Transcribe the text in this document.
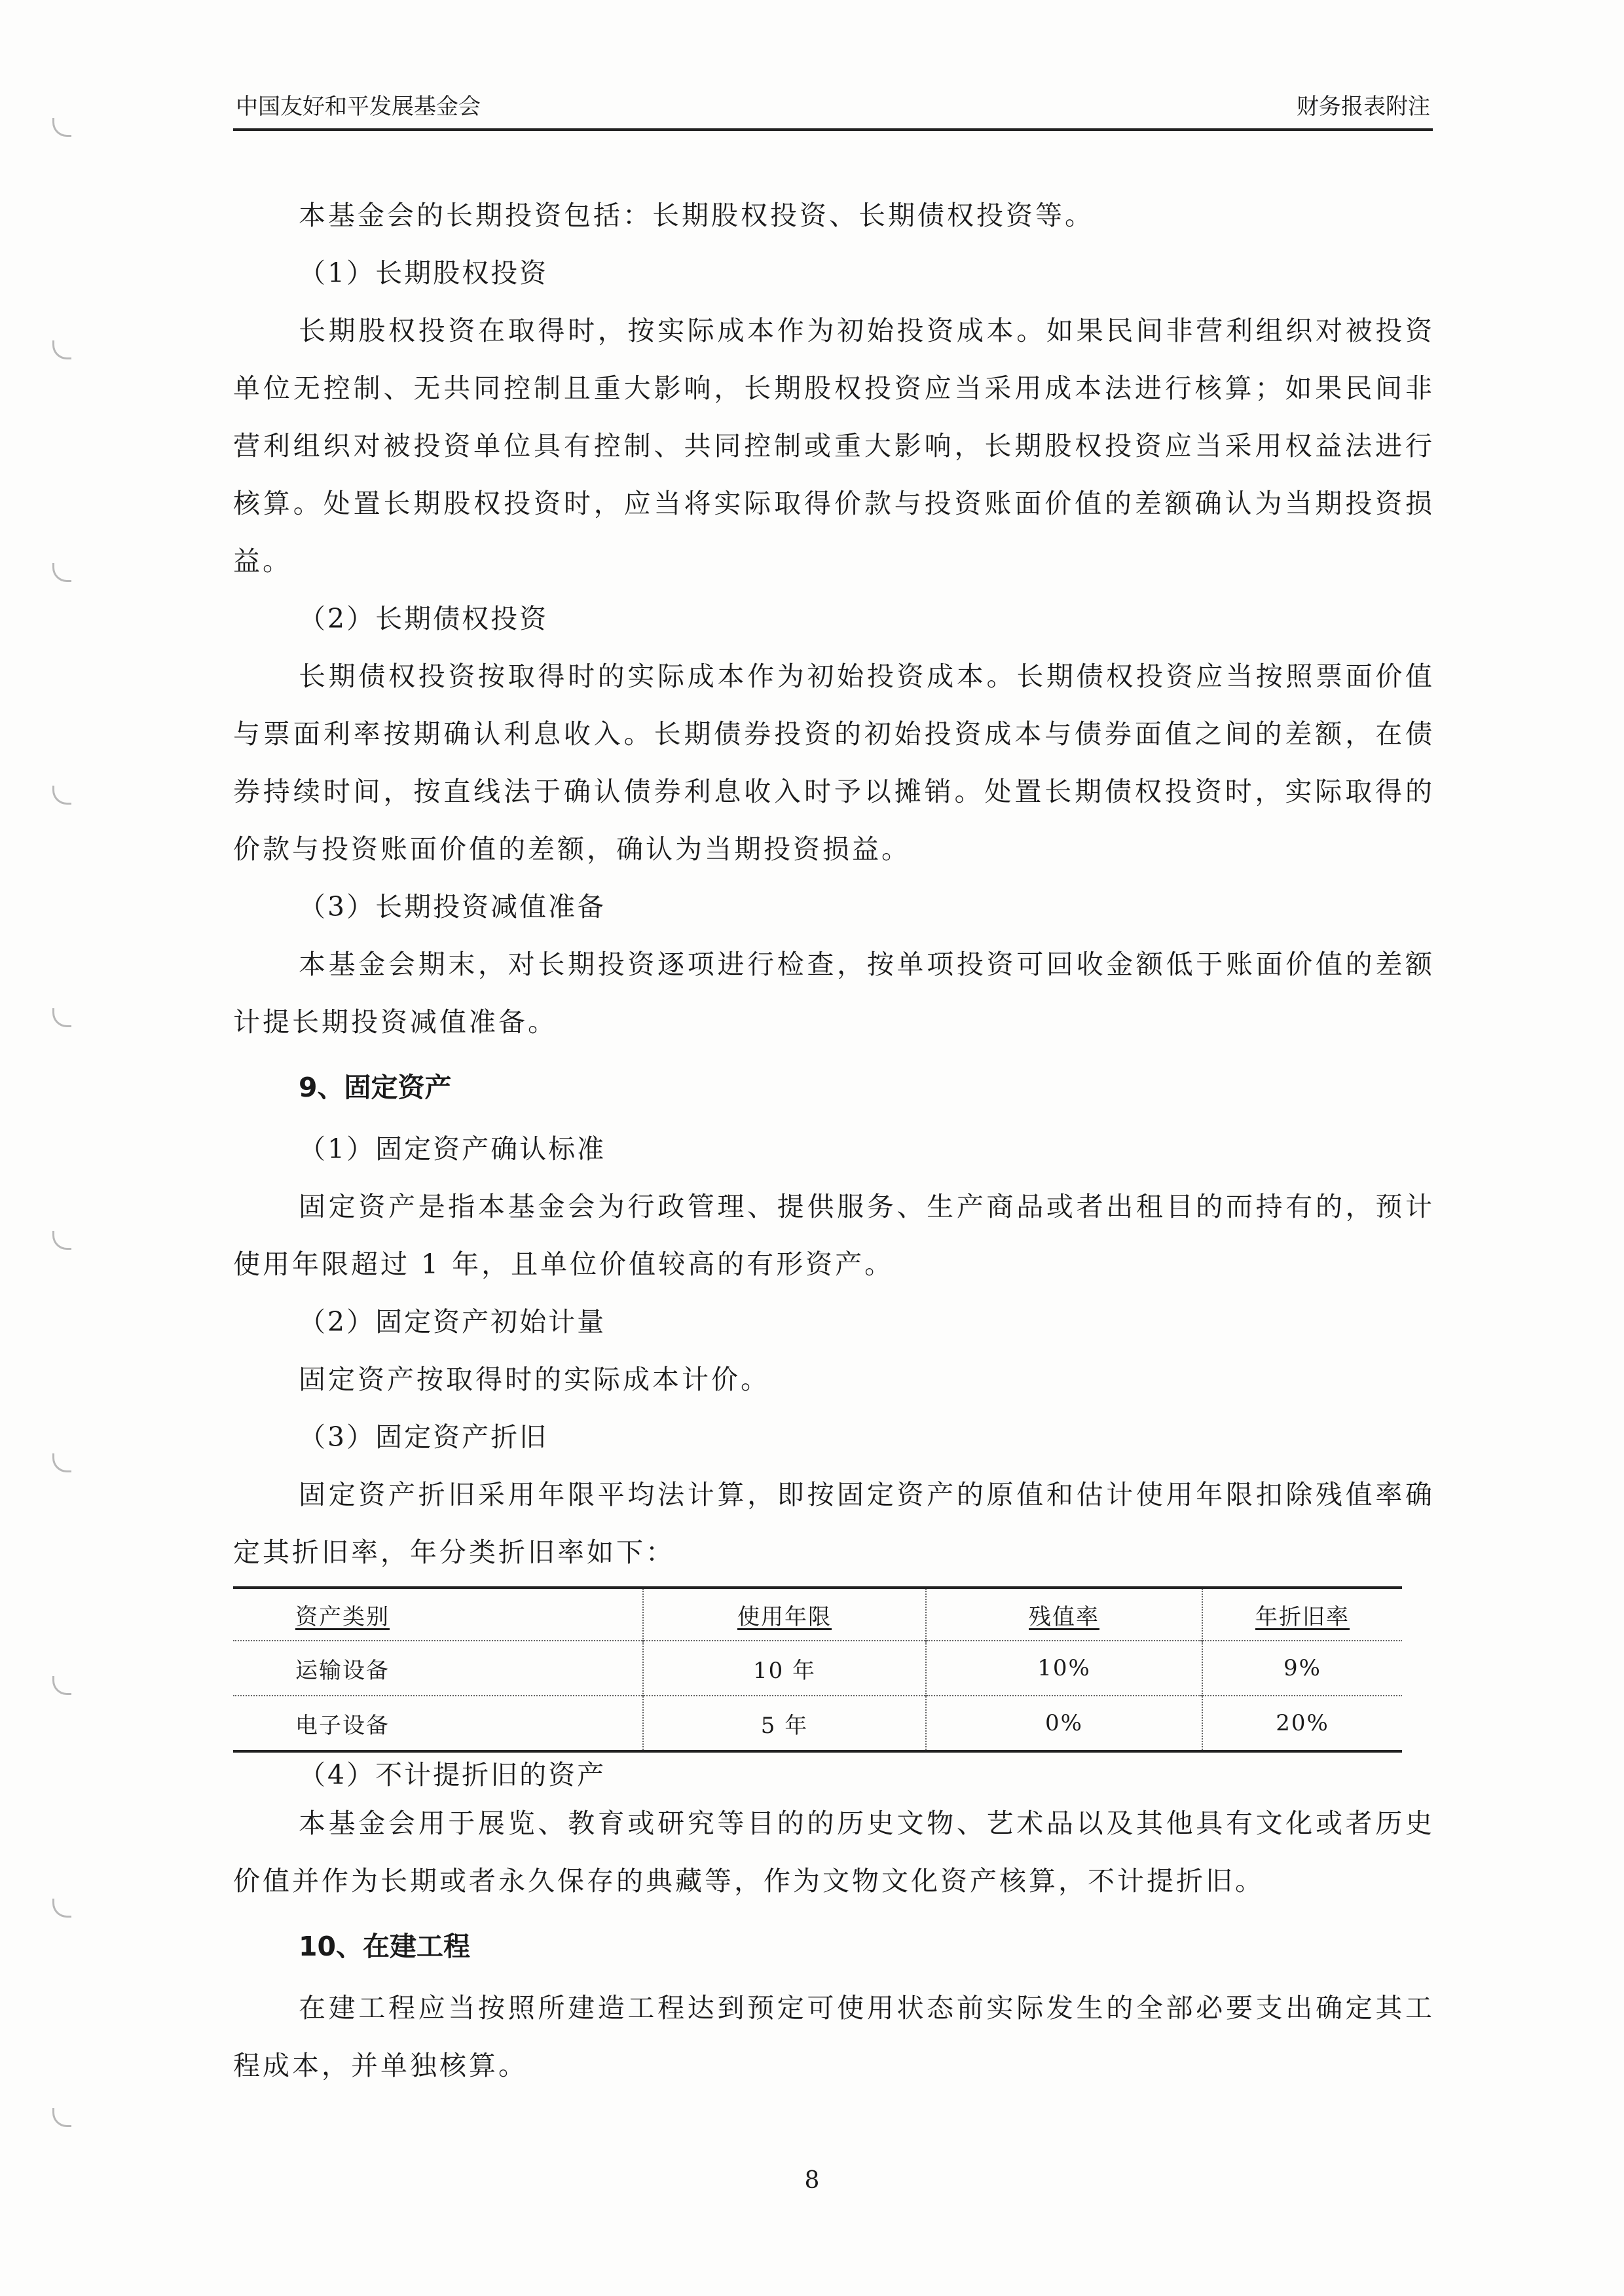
中国友好和平发展基金会	财务报表附注

本基金会的长期投资包括：长期股权投资、长期债权投资等。

（1）长期股权投资

长期股权投资在取得时，按实际成本作为初始投资成本。如果民间非营利组织对被投资单位无控制、无共同控制且重大影响，长期股权投资应当采用成本法进行核算；如果民间非营利组织对被投资单位具有控制、共同控制或重大影响，长期股权投资应当采用权益法进行核算。处置长期股权投资时，应当将实际取得价款与投资账面价值的差额确认为当期投资损益。

（2）长期债权投资

长期债权投资按取得时的实际成本作为初始投资成本。长期债权投资应当按照票面价值与票面利率按期确认利息收入。长期债券投资的初始投资成本与债券面值之间的差额，在债券持续时间，按直线法于确认债券利息收入时予以摊销。处置长期债权投资时，实际取得的价款与投资账面价值的差额，确认为当期投资损益。

（3）长期投资减值准备

本基金会期末，对长期投资逐项进行检查，按单项投资可回收金额低于账面价值的差额计提长期投资减值准备。

9、固定资产

（1）固定资产确认标准

固定资产是指本基金会为行政管理、提供服务、生产商品或者出租目的而持有的，预计使用年限超过 1 年，且单位价值较高的有形资产。

（2）固定资产初始计量

固定资产按取得时的实际成本计价。

（3）固定资产折旧

固定资产折旧采用年限平均法计算，即按固定资产的原值和估计使用年限扣除残值率确定其折旧率，年分类折旧率如下：

资产类别	使用年限	残值率	年折旧率
运输设备	10 年	10%	9%
电子设备	5 年	0%	20%

（4）不计提折旧的资产

本基金会用于展览、教育或研究等目的的历史文物、艺术品以及其他具有文化或者历史价值并作为长期或者永久保存的典藏等，作为文物文化资产核算，不计提折旧。

10、在建工程

在建工程应当按照所建造工程达到预定可使用状态前实际发生的全部必要支出确定其工程成本，并单独核算。

8
